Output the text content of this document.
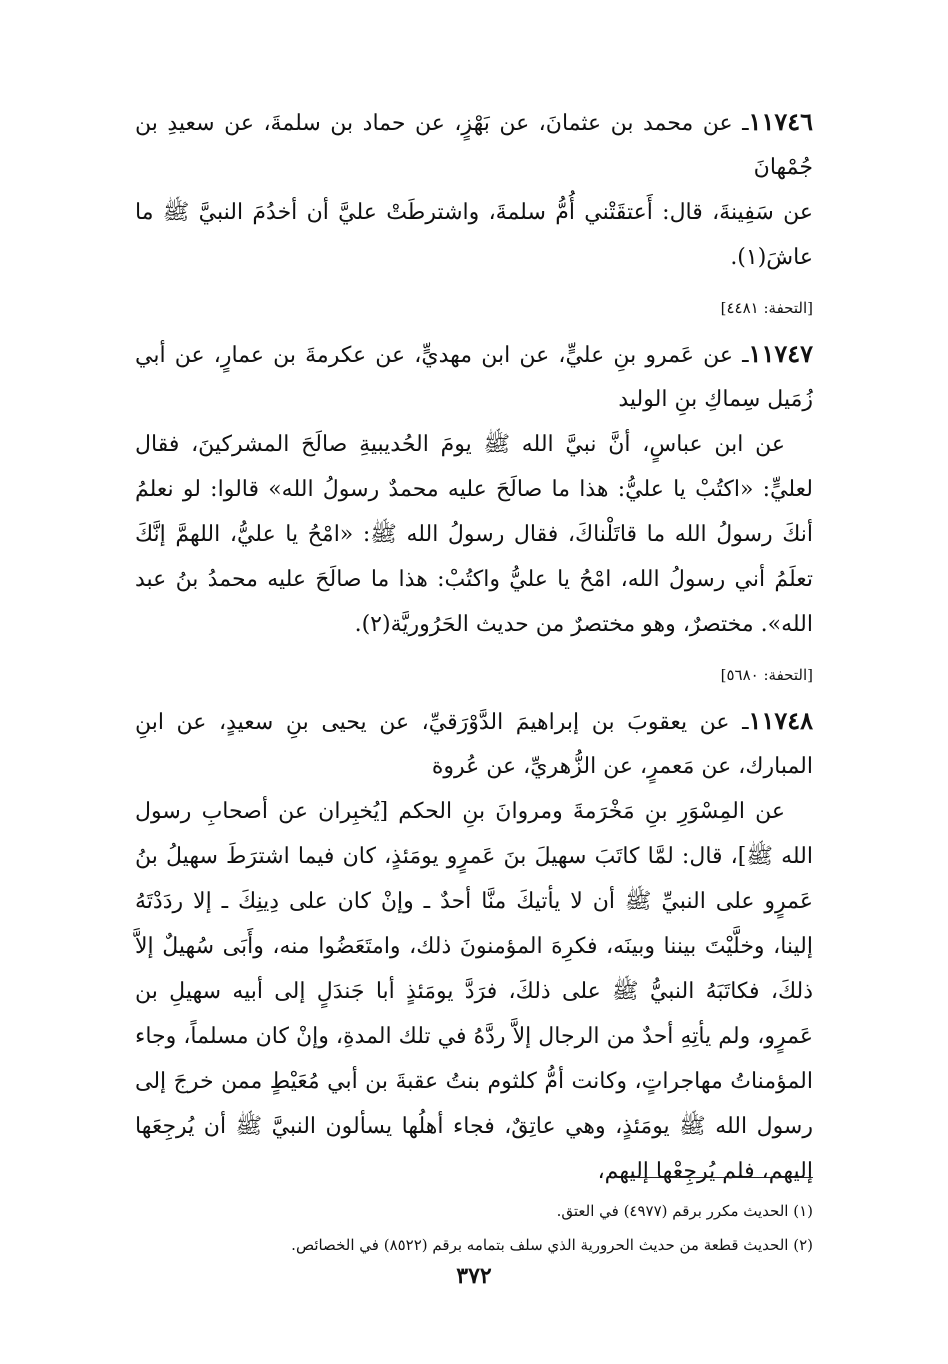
١١٧٤٦ـ عن محمد بن عثمانَ، عن بَهْزٍ، عن حماد بن سلمةَ، عن سعيدِ بن جُمْهانَ

عن سَفِينةَ، قال: أَعتقَتْني أُمُّ سلمةَ، واشترطَتْ عليَّ أن أخدُمَ النبيَّ ﷺ ما عاشَ(١).

[التحفة: ٤٤٨١]

١١٧٤٧ـ عن عَمرو بنِ عليٍّ، عن ابن مهديٍّ، عن عكرمةَ بن عمارٍ، عن أبي زُمَيل سِماكِ بنِ الوليد

عن ابن عباسٍ، أنَّ نبيَّ الله ﷺ يومَ الحُديبيةِ صالَحَ المشركينَ، فقال لعليٍّ: «اكتُبْ يا عليُّ: هذا ما صالَحَ عليه محمدٌ رسولُ الله» قالوا: لو نعلمُ أنكَ رسولُ الله ما قاتَلْناكَ، فقال رسولُ الله ﷺ: «امْحُ يا عليُّ، اللهمَّ إنَّكَ تعلَمُ أني رسولُ الله، امْحُ يا عليُّ واكتُبْ: هذا ما صالَحَ عليه محمدُ بنُ عبد الله». مختصرٌ، وهو مختصرٌ من حديث الحَرُوريَّة(٢).

[التحفة: ٥٦٨٠]

١١٧٤٨ـ عن يعقوبَ بن إبراهيمَ الدَّوْرَقيِّ، عن يحيى بنِ سعيدٍ، عن ابنِ المبارك، عن مَعمرٍ، عن الزُّهريِّ، عن عُروة

عن المِسْوَرِ بنِ مَخْرَمةَ ومروانَ بنِ الحكم [يُخبِران عن أصحابِ رسول الله ﷺ]، قال: لمَّا كاتَبَ سهيلَ بنَ عَمرٍو يومَئذٍ، كان فيما اشترَطَ سهيلُ بنُ عَمرٍو على النبيِّ ﷺ أن لا يأتيكَ منَّا أحدٌ ـ وإنْ كان على دِينِكَ ـ إلا ردَدْتَهُ إلينا، وخلَّيْتَ بيننا وبينَه، فكرِهَ المؤمنونَ ذلك، وامتَعَضُوا منه، وأَبَى سُهيلٌ إلاَّ ذلكَ، فكاتَبَهُ النبيُّ ﷺ على ذلكَ، فرَدَّ يومَئذٍ أبا جَندَلٍ إلى أبيه سهيلِ بن عَمرٍو، ولم يأتِهِ أحدٌ من الرجال إلاَّ ردَّهُ في تلك المدةِ، وإنْ كان مسلماً، وجاء المؤمناتُ مهاجراتٍ، وكانت أمُّ كلثوم بنتُ عقبةَ بن أبي مُعَيْطٍ ممن خرجَ إلى رسول الله ﷺ يومَئذٍ، وهي عاتِقٌ، فجاء أهلُها يسألون النبيَّ ﷺ أن يُرجِعَها إليهم، فلم يُرجِعْها إليهم،

(١) الحديث مكرر برقم (٤٩٧٧) في العتق.

(٢) الحديث قطعة من حديث الحرورية الذي سلف بتمامه برقم (٨٥٢٢) في الخصائص.

٣٧٢
